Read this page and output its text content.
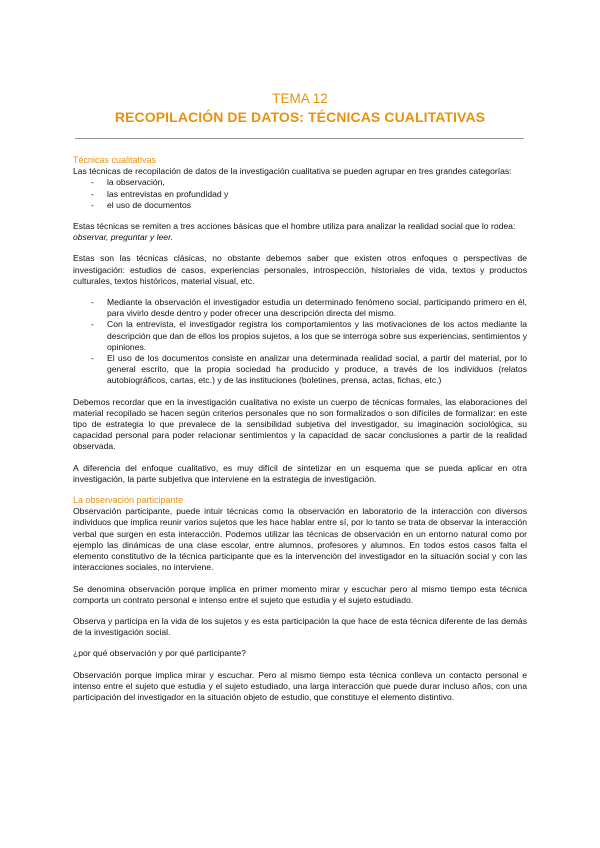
TEMA 12
RECOPILACIÓN DE DATOS: TÉCNICAS CUALITATIVAS

Técnicas cualitativas

Las técnicas de recopilación de datos de la investigación cualitativa se pueden agrupar en tres grandes categorías:

- la observación,
- las entrevistas en profundidad y
- el uso de documentos

Estas técnicas se remiten a tres acciones básicas que el hombre utiliza para analizar la realidad social que lo rodea: observar, preguntar y leer.

Estas son las técnicas clásicas, no obstante debemos saber que existen otros enfoques o perspectivas de investigación: estudios de casos, experiencias personales, introspección, historiales de vida, textos y productos culturales, textos históricos, material visual, etc.

- Mediante la observación el investigador estudia un determinado fenómeno social, participando primero en él, para vivirlo desde dentro y poder ofrecer una descripción directa del mismo.
- Con la entrevista, el investigador registra los comportamientos y las motivaciones de los actos mediante la descripción que dan de ellos los propios sujetos, a los que se interroga sobre sus experiencias, sentimientos y opiniones.
- El uso de los documentos consiste en analizar una determinada realidad social, a partir del material, por lo general escrito, que la propia sociedad ha producido y produce, a través de los individuos (relatos autobiográficos, cartas, etc.) y de las instituciones (boletines, prensa, actas, fichas, etc.)

Debemos recordar que en la investigación cualitativa no existe un cuerpo de técnicas formales, las elaboraciones del material recopilado se hacen según criterios personales que no son formalizados o son difíciles de formalizar: en este tipo de estrategia lo que prevalece de la sensibilidad subjetiva del investigador, su imaginación sociológica, su capacidad personal para poder relacionar sentimientos y la capacidad de sacar conclusiones a partir de la realidad observada.

A diferencia del enfoque cualitativo, es muy difícil de sintetizar en un esquema que se pueda aplicar en otra investigación, la parte subjetiva que interviene en la estrategia de investigación.

La observación participante

Observación participante, puede intuir técnicas como la observación en laboratorio de la interacción con diversos individuos que implica reunir varios sujetos que les hace hablar entre sí, por lo tanto se trata de observar la interacción verbal que surgen en esta interacción. Podemos utilizar las técnicas de observación en un entorno natural como por ejemplo las dinámicas de una clase escolar, entre alumnos, profesores y alumnos. En todos estos casos falta el elemento constitutivo de la técnica participante que es la intervención del investigador en la situación social y con las interacciones sociales, no interviene.

Se denomina observación porque implica en primer momento mirar y escuchar pero al mismo tiempo esta técnica comporta un contrato personal e intenso entre el sujeto que estudia y el sujeto estudiado.

Observa y participa en la vida de los sujetos y es esta participación la que hace de esta técnica diferente de las demás de la investigación social.

¿por qué observación y por qué participante?

Observación porque implica mirar y escuchar. Pero al mismo tiempo esta técnica conlleva un contacto personal e intenso entre el sujeto que estudia y el sujeto estudiado, una larga interacción que puede durar incluso años, con una participación del investigador en la situación objeto de estudio, que constituye el elemento distintivo.
